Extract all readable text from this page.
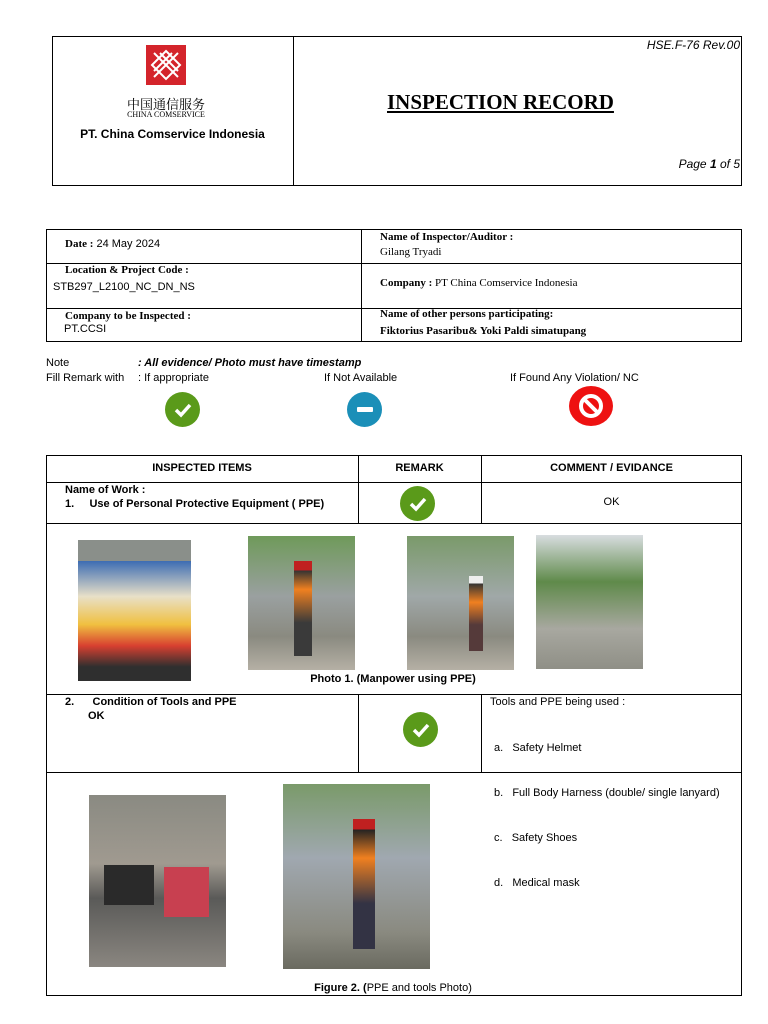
中国通信服务
CHINA COMSERVICE
PT. China Comservice Indonesia
INSPECTION RECORD
HSE.F-76 Rev.00
Page 1 of 5
Date : 24 May 2024
Name of Inspector/Auditor :
Gilang Tryadi
Location & Project Code :
STB297_L2100_NC_DN_NS	Company : PT China Comservice Indonesia
Company to be Inspected :
PT.CCSI
Name of other persons participating:
Fiktorius Pasaribu& Yoki Paldi simatupang
Note	: All evidence/ Photo must have timestamp
Fill Remark with : If appropriate	If Not Available	If Found Any Violation/ NC
INSPECTED ITEMS	REMARK	COMMENT / EVIDANCE
Name of Work :
1.     Use of Personal Protective Equipment ( PPE)	OK
Photo 1. (Manpower using PPE)
2.      Condition of Tools and PPE
OK
Tools and PPE being used :

a.   Safety Helmet

b.   Full Body Harness (double/ single lanyard)

c.   Safety Shoes

d.   Medical mask

Figure 2. (PPE and tools Photo)
